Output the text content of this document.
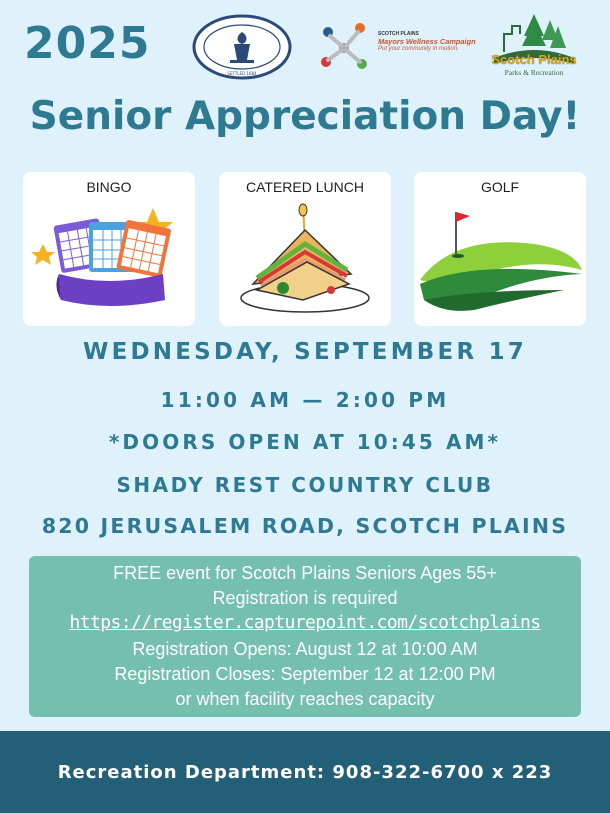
2025
SETTLED 1684
SCOTCH PLAINS
Mayors Wellness Campaign
Put your community in motion.
Scotch Plains
Parks & Recreation
Senior Appreciation Day!
BINGO	CATERED LUNCH	GOLF
WEDNESDAY, SEPTEMBER 17
11:00 AM — 2:00 PM
*DOORS OPEN AT 10:45 AM*
SHADY REST COUNTRY CLUB
820 JERUSALEM ROAD, SCOTCH PLAINS
FREE event for Scotch Plains Seniors Ages 55+
Registration is required
https://register.capturepoint.com/scotchplains
Registration Opens: August 12 at 10:00 AM
Registration Closes: September 12 at 12:00 PM
or when facility reaches capacity
Recreation Department: 908-322-6700 x 223
